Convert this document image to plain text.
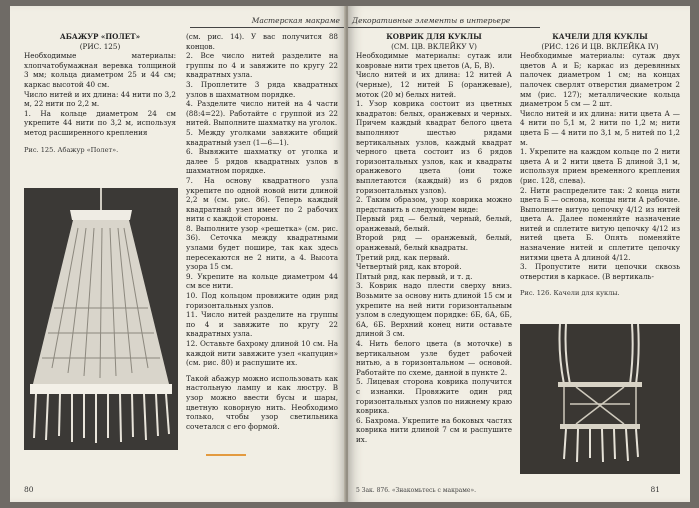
Мастерская макраме

АБАЖУР «ПОЛЕТ»

(РИС. 125)

Необходимые материалы: хлопчатобумажная веревка толщиной 3 мм; кольца диаметром 25 и 44 см; каркас высотой 40 см.

Число нитей и их длина: 44 нити по 3,2 м, 22 нити по 2,2 м.

1. На кольце диаметром 24 см укрепите 44 нити по 3,2 м, используя метод расширенного крепления

Рис. 125. Абажур «Полет».

(см. рис. 14). У вас получится 88 концов.

2. Все число нитей разделите на группы по 4 и завяжите по кругу 22 квадратных узла.

3. Проплетите 3 ряда квадратных узлов в шахматном порядке.

4. Разделите число нитей на 4 части (88:4=22). Работайте с группой из 22 нитей. Выполните шахматку на уголок.

5. Между уголками завяжите общий квадратный узел (1—6—1).

6. Вывяжите шахматку от уголка и далее 5 рядов квадратных узлов в шахматном порядке.

7. На основу квадратного узла укрепите по одной новой нити длиной 2,2 м (см. рис. 86). Теперь каждый квадратный узел имеет по 2 рабочих нити с каждой стороны.

8. Выполните узор «решетка» (см. рис. 36). Сеточка между квадратными узлами будет пошире, так как здесь пересекаются не 2 нити, а 4. Высота узора 15 см.

9. Укрепите на кольце диаметром 44 см все нити.

10. Под кольцом провяжите один ряд горизонтальных узлов.

11. Число нитей разделите на группы по 4 и завяжите по кругу 22 квадратных узла.

12. Оставьте бахрому длиной 10 см. На каждой нити завяжите узел «капуцин» (см. рис. 80) и распушите их.

Такой абажур можно использовать как настольную лампу и как люстру. В узор можно ввести бусы и шары, цветную коворную нить. Необходимо только, чтобы узор светильника сочетался с его формой.

80
Декоративные элементы в интерьере

КОВРИК ДЛЯ КУКЛЫ

(СМ. ЦВ. ВКЛЕЙКУ V)

Необходимые материалы: сутаж или ковровые нити трех цветов (А, Б, В).

Число нитей и их длина: 12 нитей А (черные), 12 нитей Б (оранжевые), моток (20 м) белых нитей.

1. Узор коврика состоит из цветных квадратов: белых, оранжевых и черных. Причем каждый квадрат белого цвета выполняют шестью рядами вертикальных узлов, каждый квадрат черного цвета состоит из 6 рядов горизонтальных узлов, как и квадраты оранжевого цвета (они тоже выплетаются (каждый) из 6 рядов горизонтальных узлов).

2. Таким образом, узор коврика можно представить в следующем виде:

Первый ряд — белый, черный, белый, оранжевый, белый.

Второй ряд — оранжевый, белый, оранжевый, белый квадраты.

Третий ряд, как первый.

Четвертый ряд, как второй.

Пятый ряд, как первый, и т. д.

3. Коврик надо плести сверху вниз. Возьмите за основу нить длиной 15 см и укрепите на ней нити горизонтальным узлом в следующем порядке: 6Б, 6А, 6Б, 6А, 6Б. Верхний конец нити оставьте длиной 3 см.

4. Нить белого цвета (в моточке) в вертикальном узле будет рабочей нитью, а в горизонтальном — основой. Работайте по схеме, данной в пункте 2.

5. Лицевая сторона коврика получится с изнанки. Провяжите один ряд горизонтальных узлов по нижнему краю коврика.

6. Бахрома. Укрепите на боковых частях коврика нити длиной 7 см и распушите их.

КАЧЕЛИ ДЛЯ КУКЛЫ

(РИС. 126 И ЦВ. ВКЛЕЙКА IV)

Необходимые материалы: сутаж двух цветов А и Б; каркас из деревянных палочек диаметром 1 см; на концах палочек сверлят отверстия диаметром 2 мм (рис. 127); металлические кольца диаметром 5 см — 2 шт.

Число нитей и их длина: нити цвета А — 4 нити по 5,1 м, 2 нити по 1,2 м; нити цвета Б — 4 нити по 3,1 м, 5 нитей по 1,2 м.

1. Укрепите на каждом кольце по 2 нити цвета А и 2 нити цвета Б длиной 3,1 м, используя прием временного крепления (рис. 128, слева).

2. Нити распределите так: 2 конца нити цвета Б — основа, концы нити А рабочие. Выполните витую цепочку 4/12 из нитей цвета А. Далее поменяйте назначение нитей и сплетите витую цепочку 4/12 из нитей цвета Б. Опять поменяйте назначение нитей и сплетите цепочку нитями цвета А длиной 4/12.

3. Пропустите нити цепочки сквозь отверстия в каркасе. (В вертикаль-

Рис. 126. Качели для куклы.

5 Зак. 876. «Знакомьтесь с макраме».	81
